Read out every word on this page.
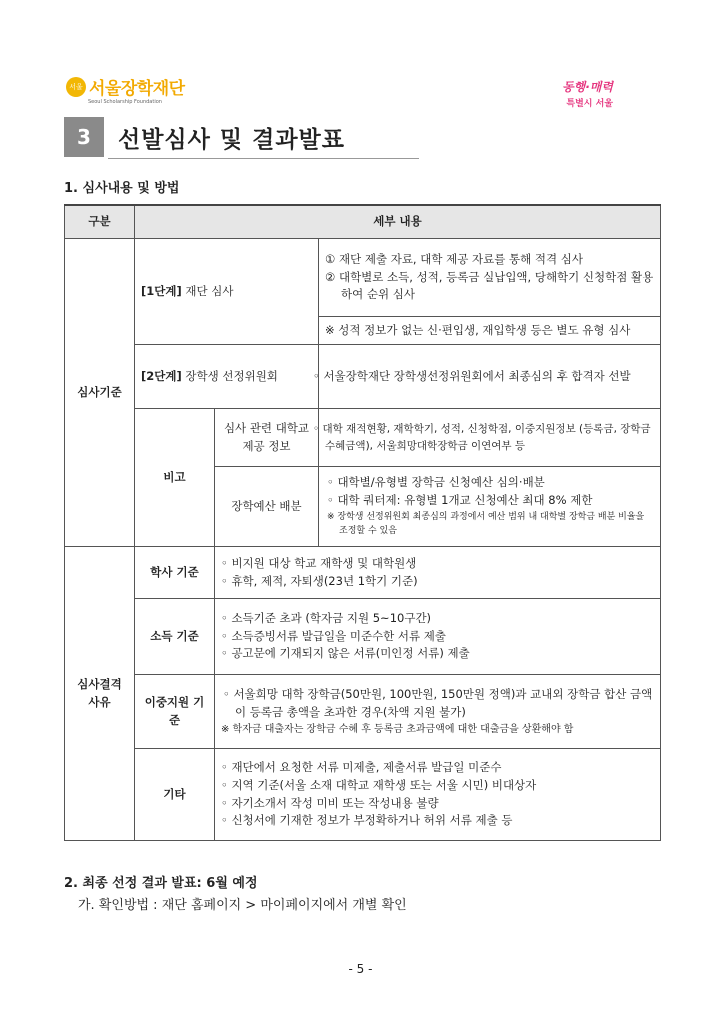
서울 서울장학재단
Seoul Scholarship Foundation
동행·매력
특별시 서울
3	선발심사 및 결과발표
1. 심사내용 및 방법
구분	세부 내용		
심사기준	[1단계] 재단 심사		① 재단 제출 자료, 대학 제공 자료를 통해 적격 심사
② 대학별로 소득, 성적, 등록금 실납입액, 당해학기 신청학점 활용하여 순위 심사

			※ 성적 정보가 없는 신·편입생, 재입학생 등은 별도 유형 심사
	[2단계] 장학생 선정위원회		◦ 서울장학재단 장학생선정위원회에서 최종심의 후 합격자 선발
	비고	심사 관련 대학교 제공 정보	◦ 대학 재적현황, 재학학기, 성적, 신청학점, 이중지원정보 (등록금, 장학금 수혜금액), 서울희망대학장학금 이연여부 등
		장학예산 배분	◦ 대학별/유형별 장학금 신청예산 심의·배분
◦ 대학 쿼터제: 유형별 1개교 신청예산 최대 8% 제한
※ 장학생 선정위원회 최종심의 과정에서 예산 범위 내 대학별 장학금 배분 비율을 조정할 수 있음

심사결격 사유	학사 기준	◦ 비지원 대상 학교 재학생 및 대학원생
◦ 휴학, 제적, 자퇴생(23년 1학기 기준)	

	소득 기준	◦ 소득기준 초과 (학자금 지원 5~10구간)
◦ 소득증빙서류 발급일을 미준수한 서류 제출
◦ 공고문에 기재되지 않은 서류(미인정 서류) 제출	

	이중지원 기준	◦ 서울희망 대학 장학금(50만원, 100만원, 150만원 정액)과 교내외 장학금 합산 금액이 등록금 총액을 초과한 경우(차액 지원 불가)
※ 학자금 대출자는 장학금 수혜 후 등록금 초과금액에 대한 대출금을 상환해야 함	

	기타	◦ 재단에서 요청한 서류 미제출, 제출서류 발급일 미준수
◦ 지역 기준(서울 소재 대학교 재학생 또는 서울 시민) 비대상자
◦ 자기소개서 작성 미비 또는 작성내용 불량
◦ 신청서에 기재한 정보가 부정확하거나 허위 서류 제출 등	
2. 최종 선정 결과 발표: 6월 예정
가. 확인방법 : 재단 홈페이지 > 마이페이지에서 개별 확인
- 5 -
